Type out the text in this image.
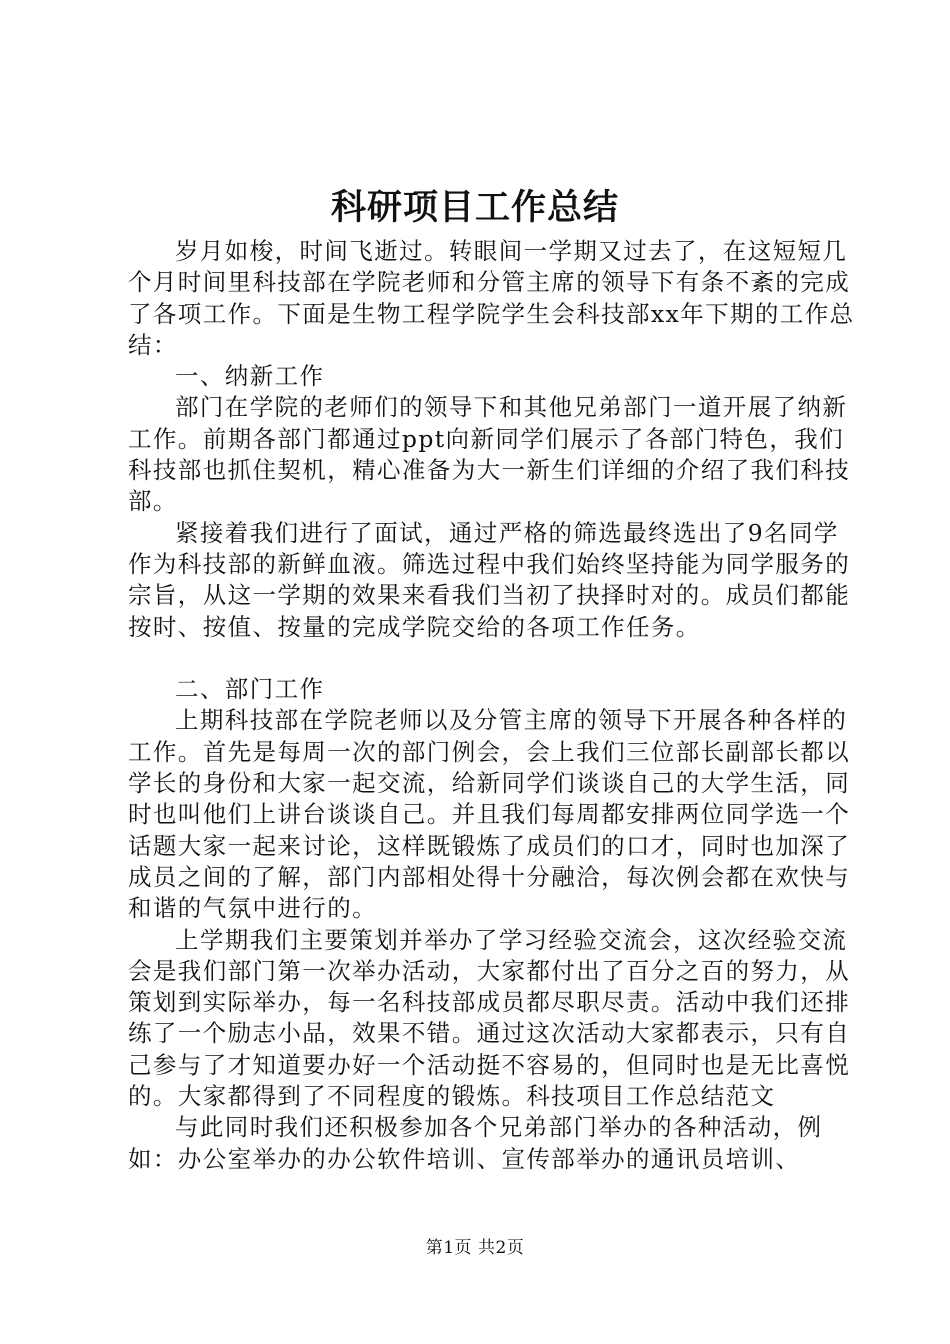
科研项目工作总结

岁月如梭，时间飞逝过。转眼间一学期又过去了，在这短短几个月时间里科技部在学院老师和分管主席的领导下有条不紊的完成了各项工作。下面是生物工程学院学生会科技部xx年下期的工作总结：

一、纳新工作

部门在学院的老师们的领导下和其他兄弟部门一道开展了纳新工作。前期各部门都通过ppt向新同学们展示了各部门特色，我们科技部也抓住契机，精心准备为大一新生们详细的介绍了我们科技部。

紧接着我们进行了面试，通过严格的筛选最终选出了9名同学作为科技部的新鲜血液。筛选过程中我们始终坚持能为同学服务的宗旨，从这一学期的效果来看我们当初了抉择时对的。成员们都能按时、按值、按量的完成学院交给的各项工作任务。

二、部门工作

上期科技部在学院老师以及分管主席的领导下开展各种各样的工作。首先是每周一次的部门例会，会上我们三位部长副部长都以学长的身份和大家一起交流，给新同学们谈谈自己的大学生活，同时也叫他们上讲台谈谈自己。并且我们每周都安排两位同学选一个话题大家一起来讨论，这样既锻炼了成员们的口才，同时也加深了成员之间的了解，部门内部相处得十分融洽，每次例会都在欢快与和谐的气氛中进行的。

上学期我们主要策划并举办了学习经验交流会，这次经验交流会是我们部门第一次举办活动，大家都付出了百分之百的努力，从策划到实际举办，每一名科技部成员都尽职尽责。活动中我们还排练了一个励志小品，效果不错。通过这次活动大家都表示，只有自己参与了才知道要办好一个活动挺不容易的，但同时也是无比喜悦的。大家都得到了不同程度的锻炼。科技项目工作总结范文

与此同时我们还积极参加各个兄弟部门举办的各种活动，例如：办公室举办的办公软件培训、宣传部举办的通讯员培训、

第1页 共2页
